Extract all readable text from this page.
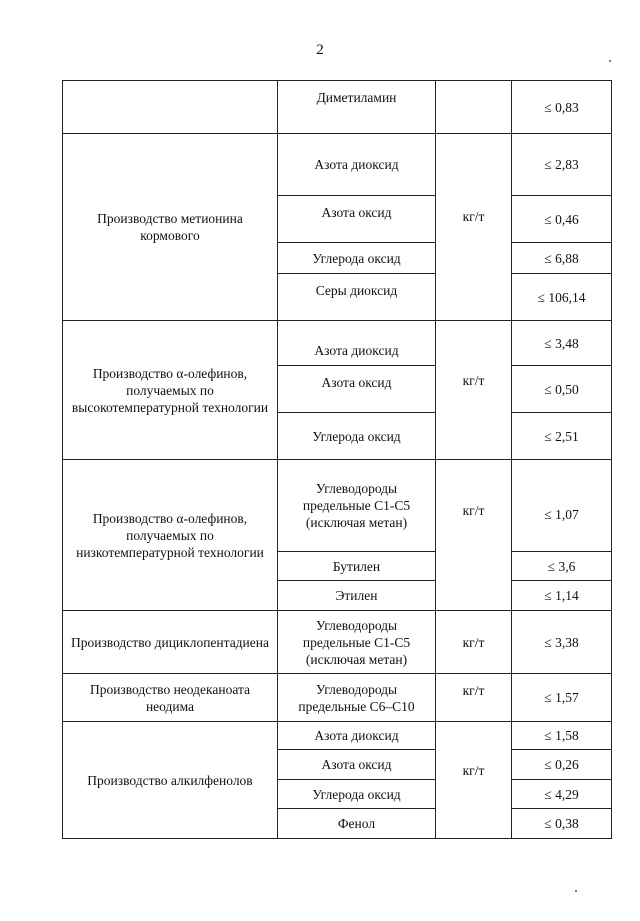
2
	Диметиламин		≤ 0,83
Производство метионина кормового	Азота диоксид	кг/т	≤ 2,83
	Азота оксид		≤ 0,46
	Углерода оксид		≤ 6,88
	Серы диоксид		≤ 106,14
Производство α-олефинов, получаемых по высокотемпературной технологии	Азота диоксид	кг/т	≤ 3,48
	Азота оксид		≤ 0,50
	Углерода оксид		≤ 2,51
Производство α-олефинов, получаемых по низкотемпературной технологии	Углеводороды предельные С1-С5 (исключая метан)	кг/т	≤ 1,07
	Бутилен		≤ 3,6
	Этилен		≤ 1,14
Производство дициклопентадиена	Углеводороды предельные С1-С5 (исключая метан)	кг/т	≤ 3,38
Производство неодеканоата неодима	Углеводороды предельные С6–С10	кг/т	≤ 1,57
Производство алкилфенолов	Азота диоксид	кг/т	≤ 1,58
	Азота оксид		≤ 0,26
	Углерода оксид		≤ 4,29
	Фенол		≤ 0,38
